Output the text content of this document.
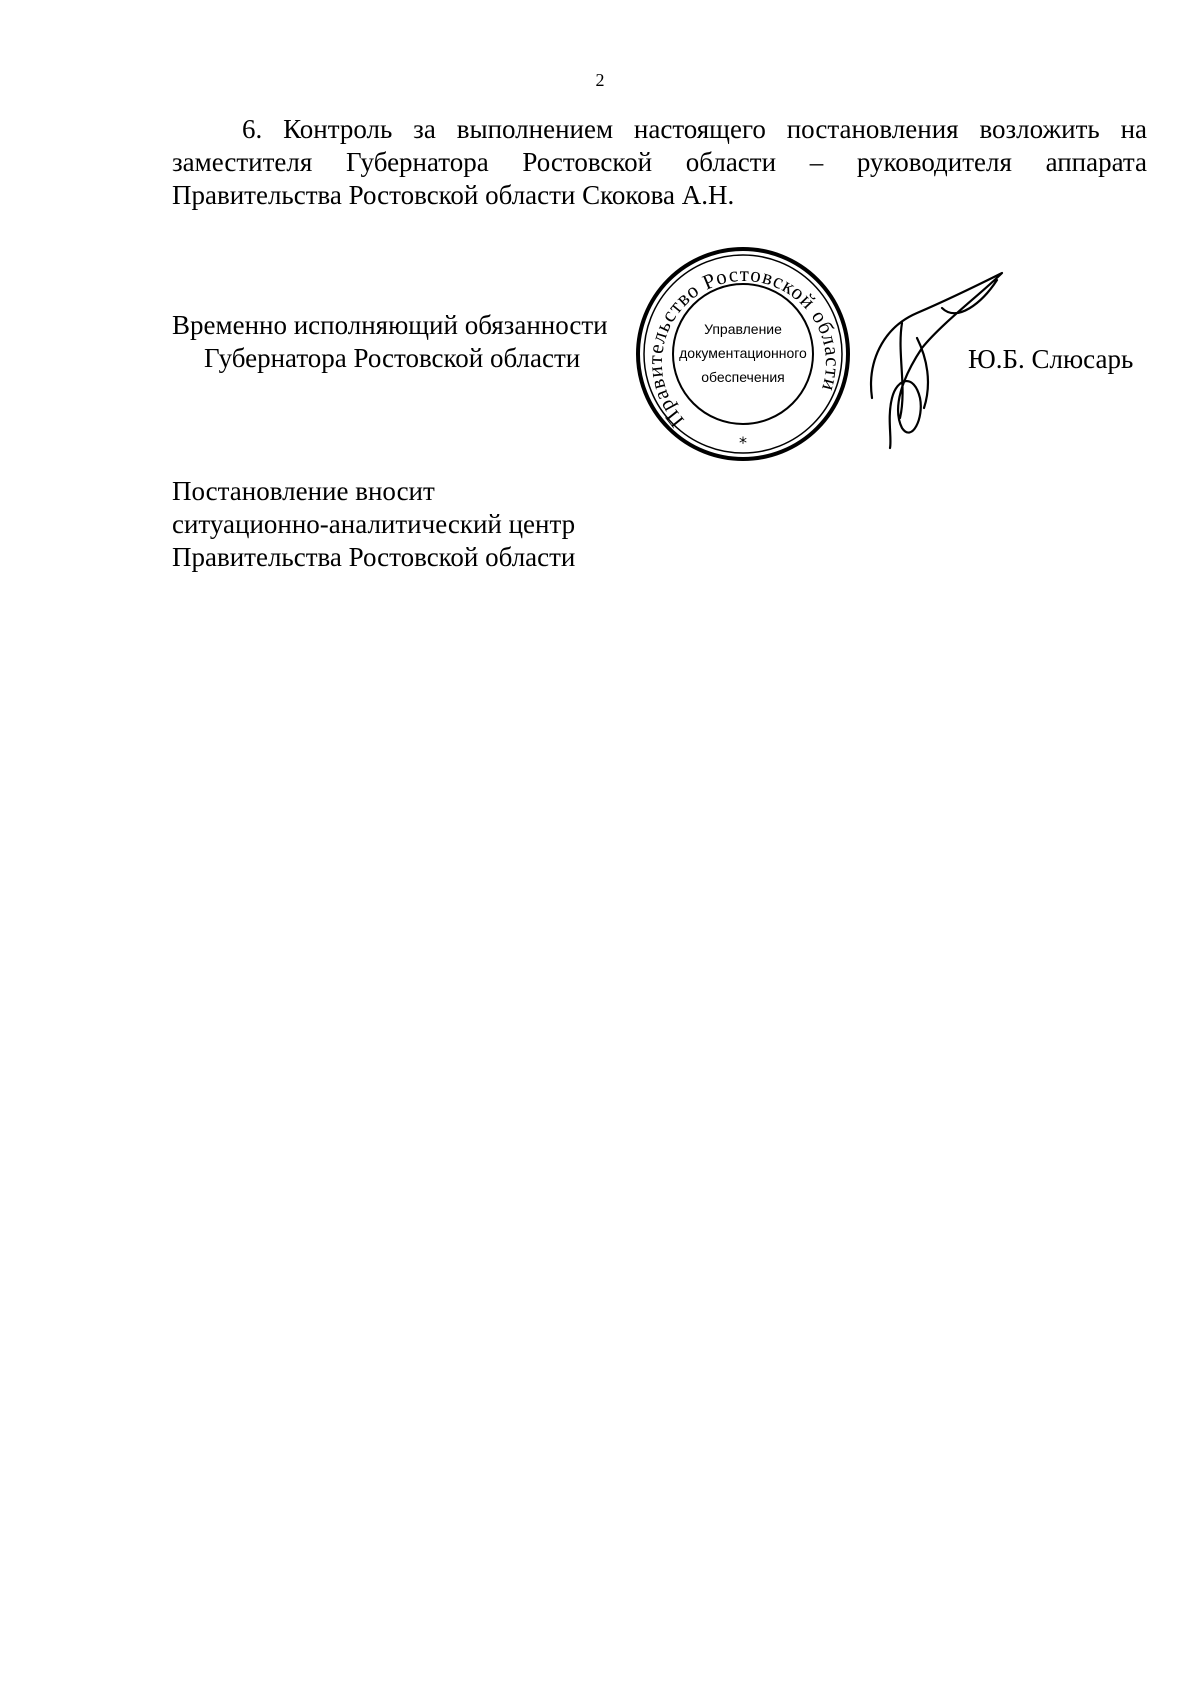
2
6. Контроль за выполнением настоящего постановления возложить на заместителя Губернатора Ростовской области – руководителя аппарата Правительства Ростовской области Скокова А.Н.
Временно исполняющий обязанности
Губернатора Ростовской области
Правительство Ростовской области
Управление
документационного
обеспечения
*
Ю.Б. Слюсарь
Постановление вносит
ситуационно-аналитический центр
Правительства Ростовской области
